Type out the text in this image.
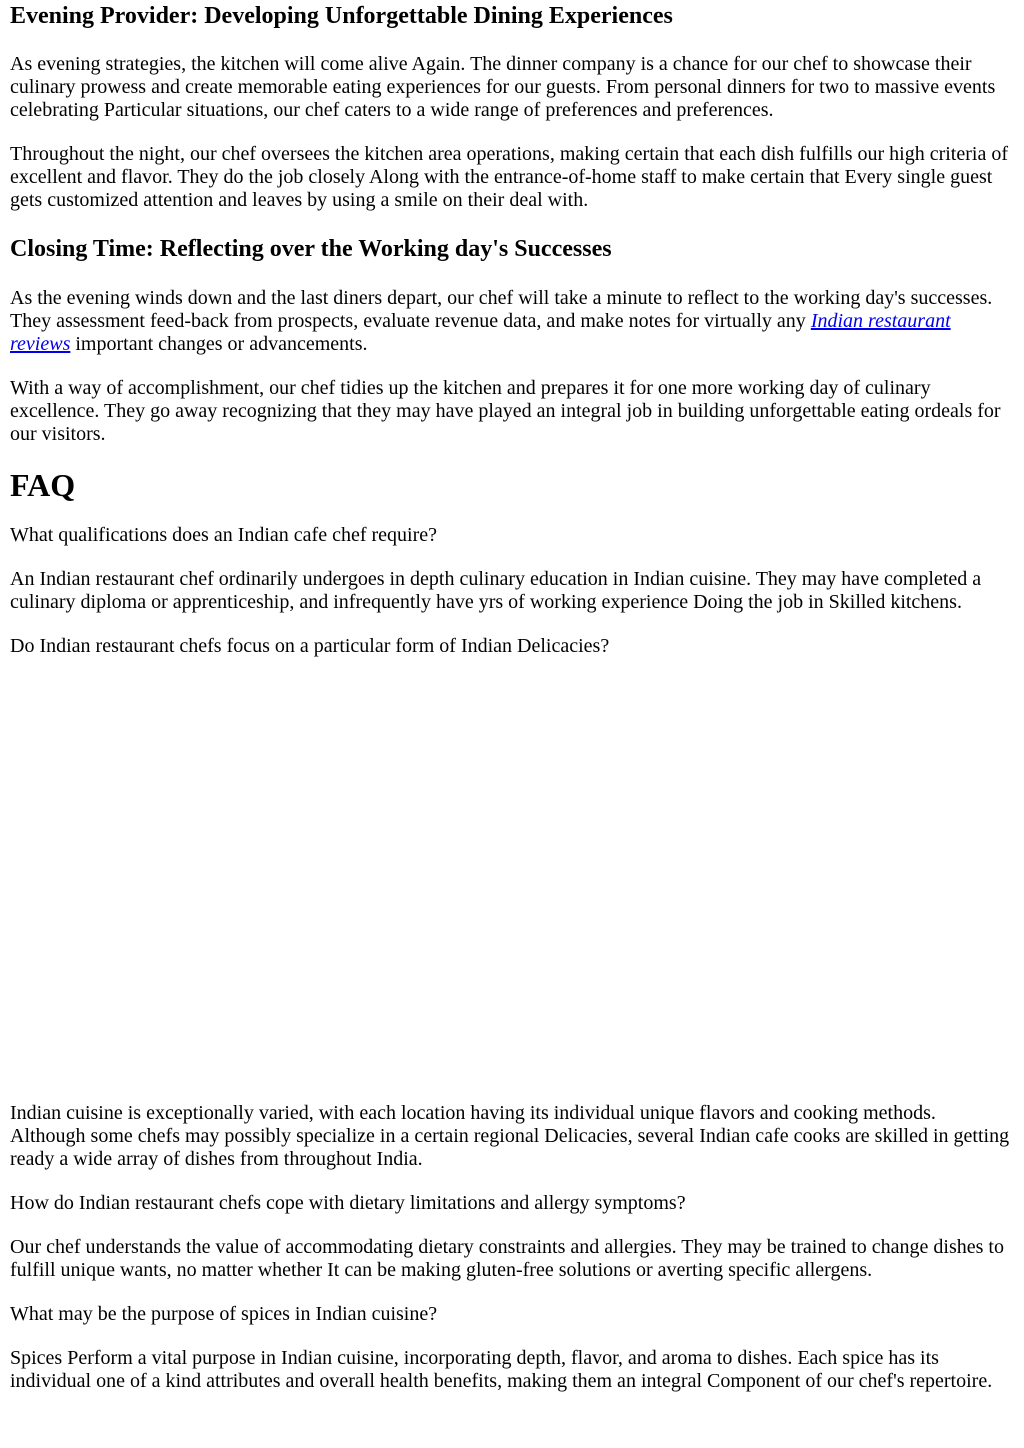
Evening Provider: Developing Unforgettable Dining Experiences

As evening strategies, the kitchen will come alive Again. The dinner company is a chance for our chef to showcase their culinary prowess and create memorable eating experiences for our guests. From personal dinners for two to massive events celebrating Particular situations, our chef caters to a wide range of preferences and preferences.

Throughout the night, our chef oversees the kitchen area operations, making certain that each dish fulfills our high criteria of excellent and flavor. They do the job closely Along with the entrance-of-home staff to make certain that Every single guest gets customized attention and leaves by using a smile on their deal with.

Closing Time: Reflecting over the Working day's Successes

As the evening winds down and the last diners depart, our chef will take a minute to reflect to the working day's successes. They assessment feed-back from prospects, evaluate revenue data, and make notes for virtually any Indian restaurant reviews important changes or advancements.

With a way of accomplishment, our chef tidies up the kitchen and prepares it for one more working day of culinary excellence. They go away recognizing that they may have played an integral job in building unforgettable eating ordeals for our visitors.

FAQ

What qualifications does an Indian cafe chef require?

An Indian restaurant chef ordinarily undergoes in depth culinary education in Indian cuisine. They may have completed a culinary diploma or apprenticeship, and infrequently have yrs of working experience Doing the job in Skilled kitchens.

Do Indian restaurant chefs focus on a particular form of Indian Delicacies?

Indian cuisine is exceptionally varied, with each location having its individual unique flavors and cooking methods. Although some chefs may possibly specialize in a certain regional Delicacies, several Indian cafe cooks are skilled in getting ready a wide array of dishes from throughout India.

How do Indian restaurant chefs cope with dietary limitations and allergy symptoms?

Our chef understands the value of accommodating dietary constraints and allergies. They may be trained to change dishes to fulfill unique wants, no matter whether It can be making gluten-free solutions or averting specific allergens.

What may be the purpose of spices in Indian cuisine?

Spices Perform a vital purpose in Indian cuisine, incorporating depth, flavor, and aroma to dishes. Each spice has its individual one of a kind attributes and overall health benefits, making them an integral Component of our chef's repertoire.
